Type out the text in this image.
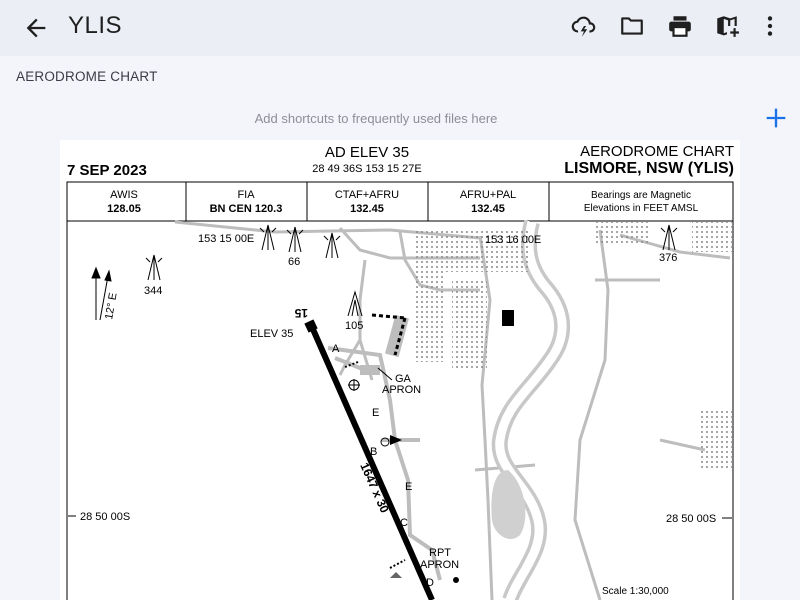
YLIS
AERODROME CHART
Add shortcuts to frequently used files here
7 SEP 2023
AD ELEV 35
28 49 36S 153 15 27E
AERODROME CHART
LISMORE, NSW (YLIS)
AWIS
128.05
FIA
BN CEN 120.3
CTAF+AFRU
132.45
AFRU+PAL
132.45
Bearings are Magnetic
Elevations in FEET AMSL
1647 x 30
15
A
E
B
E
C
D
GA
APRON
RPT
APRON
ELEV 35
153 15 00E	153 16 00E
28 50 00S	28 50 00S
344
66
105
376
12° E
Scale 1:30,000
